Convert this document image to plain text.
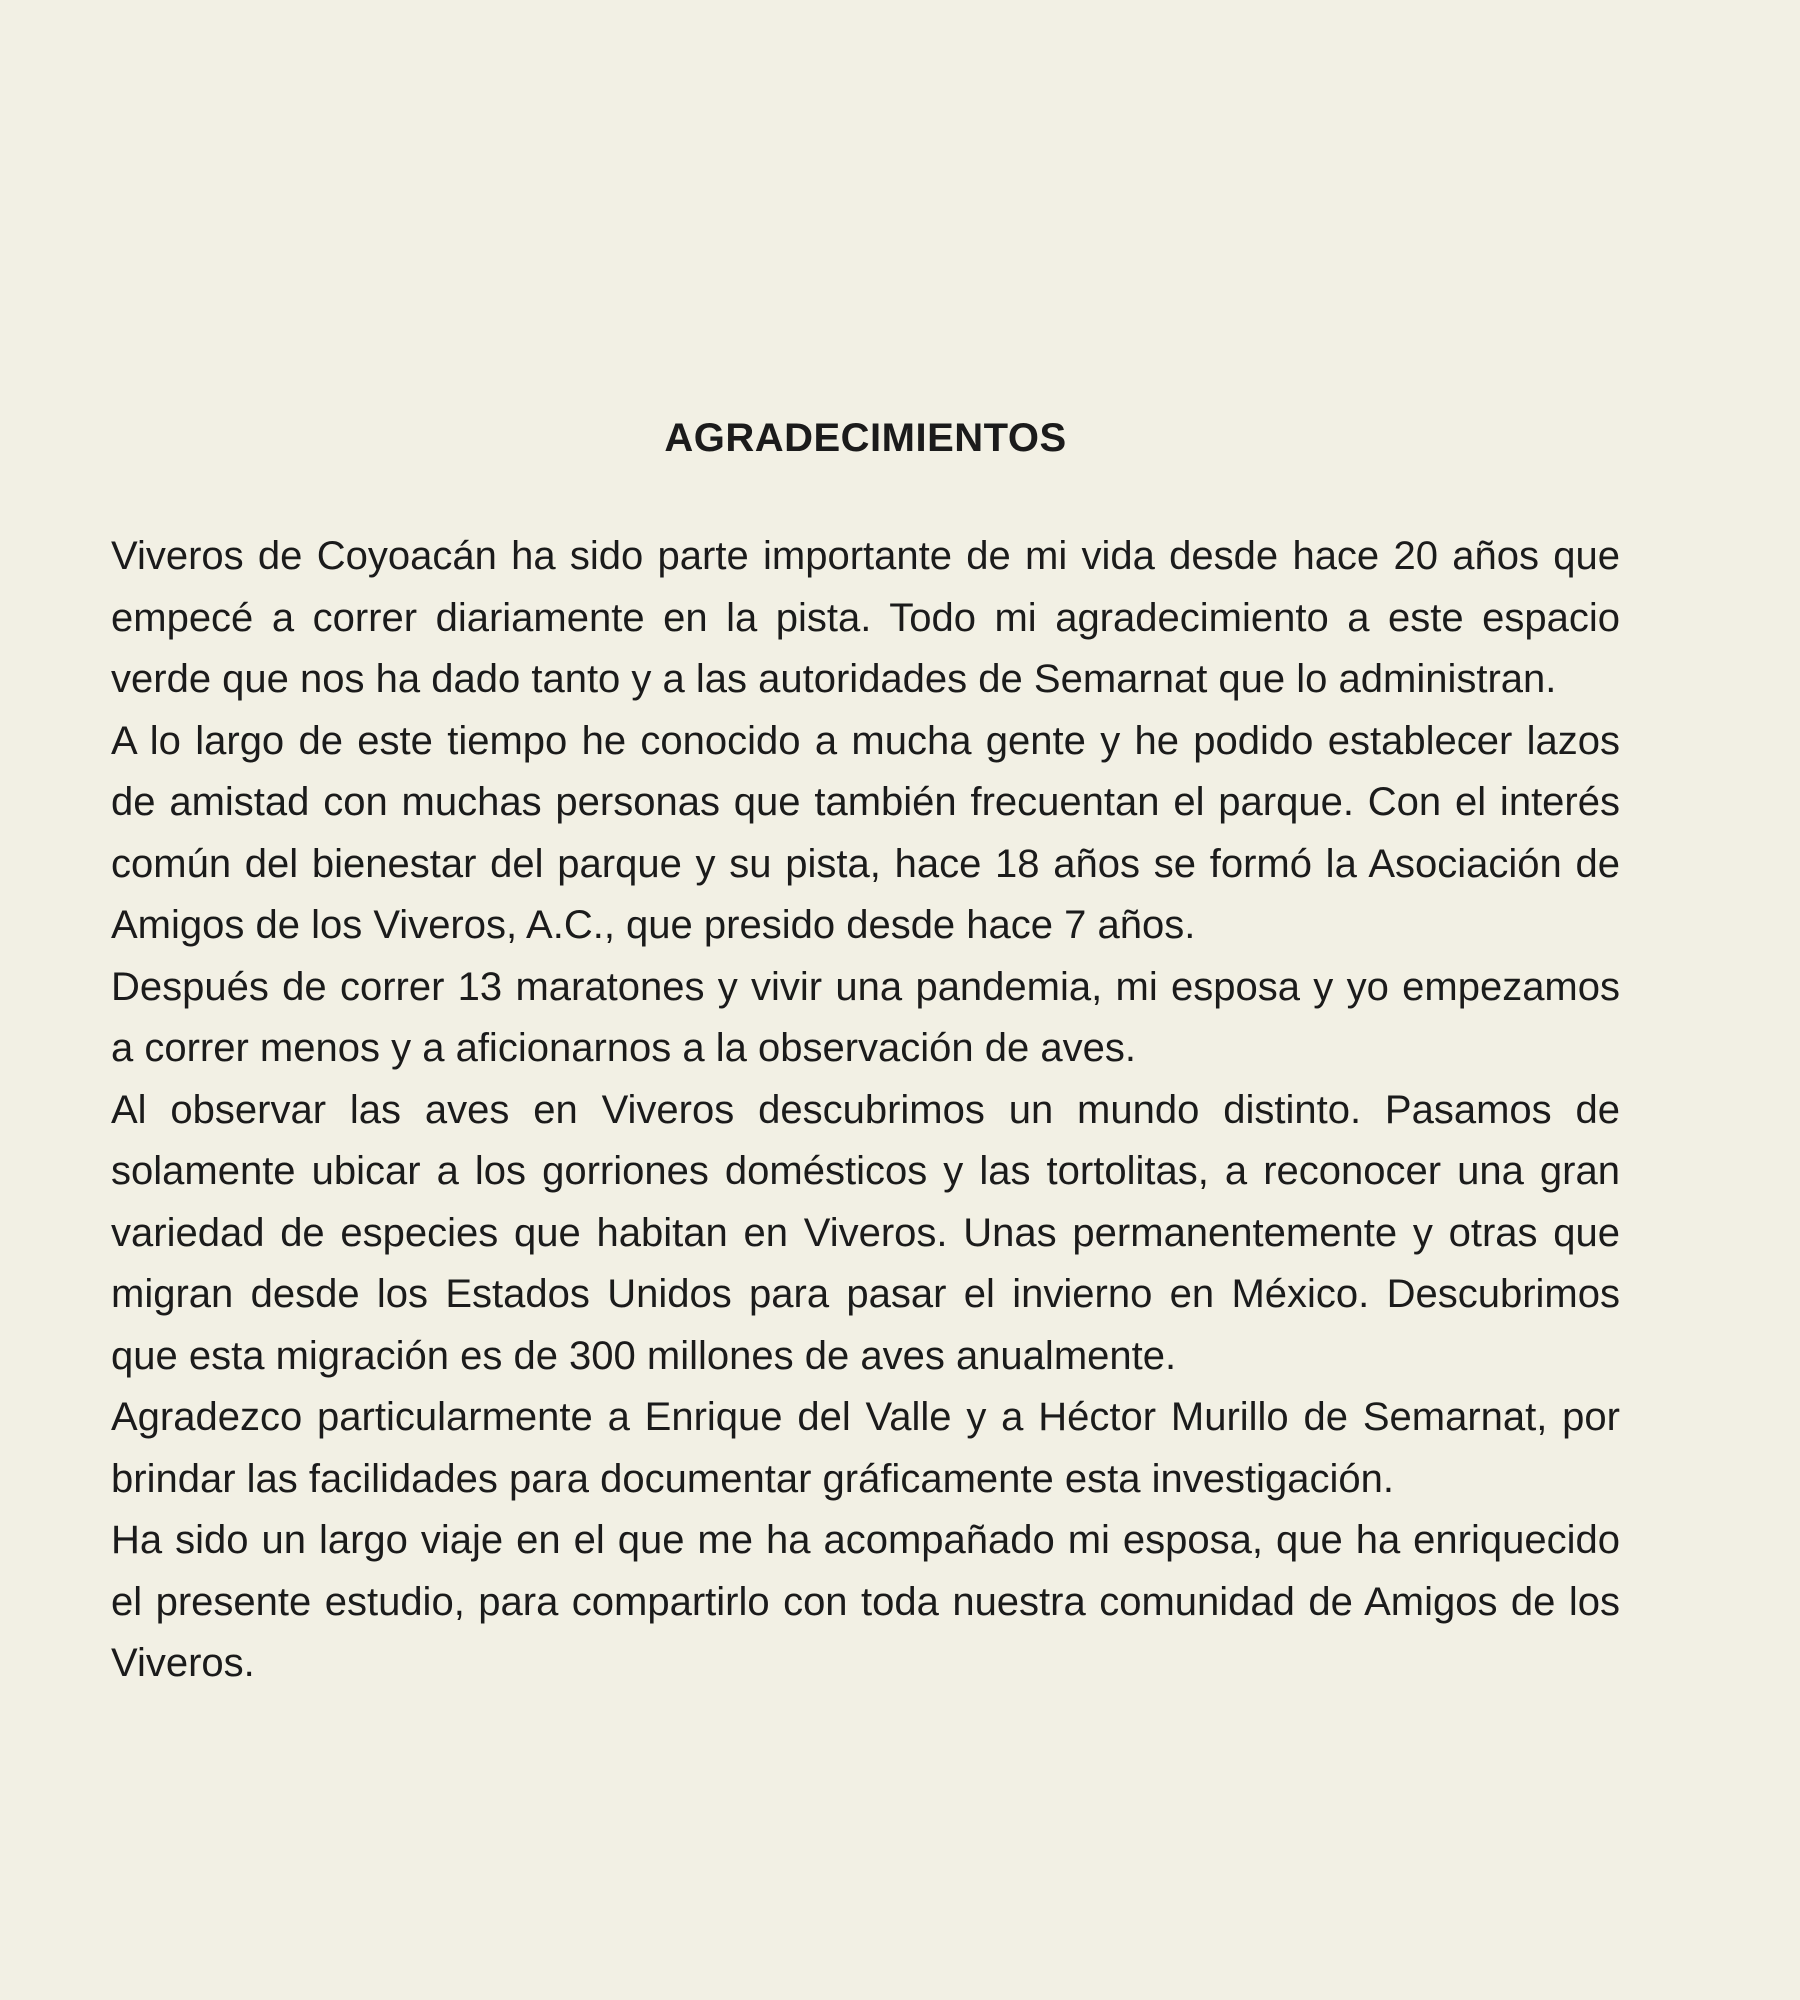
AGRADECIMIENTOS

Viveros de Coyoacán ha sido parte importante de mi vida desde hace 20 años que empecé a correr diariamente en la pista. Todo mi agradecimiento a este espacio verde que nos ha dado tanto y a las autoridades de Semarnat que lo administran.

A lo largo de este tiempo he conocido a mucha gente y he podido establecer lazos de amistad con muchas personas que también frecuentan el parque. Con el interés común del bienestar del parque y su pista, hace 18 años se formó la Asociación de Amigos de los Viveros, A.C., que presido desde hace 7 años.

Después de correr 13 maratones y vivir una pandemia, mi esposa y yo empezamos a correr menos y a aficionarnos a la observación de aves.

Al observar las aves en Viveros descubrimos un mundo distinto. Pasamos de solamente ubicar a los gorriones domésticos y las tortolitas, a reconocer una gran variedad de especies que habitan en Viveros. Unas permanentemente y otras que migran desde los Estados Unidos para pasar el invierno en México. Descubrimos que esta migración es de 300 millones de aves anualmente.

Agradezco particularmente a Enrique del Valle y a Héctor Murillo de Semarnat, por brindar las facilidades para documentar gráficamente esta investigación.

Ha sido un largo viaje en el que me ha acompañado mi esposa, que ha enriquecido el presente estudio, para compartirlo con toda nuestra comunidad de Amigos de los Viveros.
